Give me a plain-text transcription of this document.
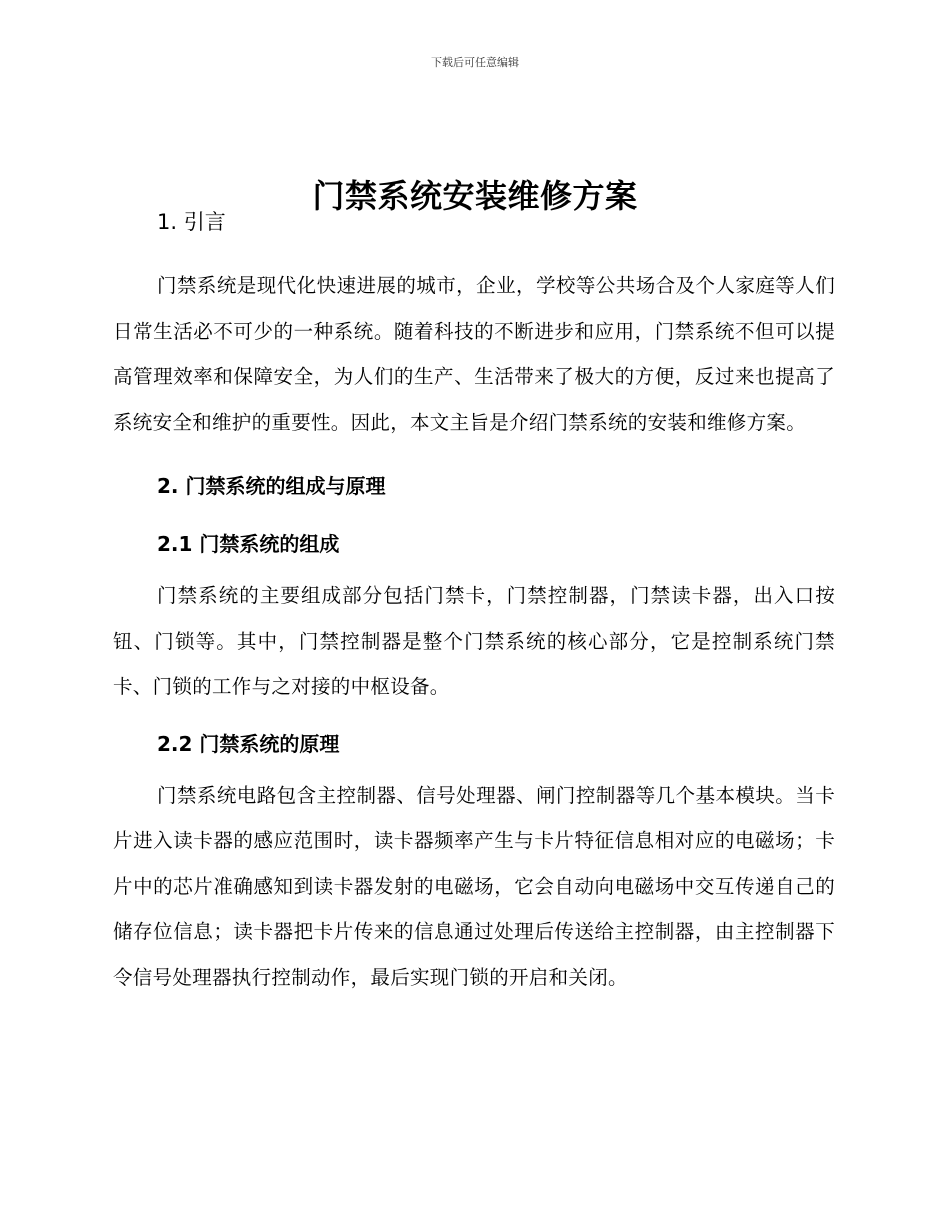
下载后可任意编辑
门禁系统安装维修方案
1. 引言

门禁系统是现代化快速进展的城市，企业，学校等公共场合及个人家庭等人们日常生活必不可少的一种系统。随着科技的不断进步和应用，门禁系统不但可以提高管理效率和保障安全，为人们的生产、生活带来了极大的方便，反过来也提高了系统安全和维护的重要性。因此，本文主旨是介绍门禁系统的安装和维修方案。

2. 门禁系统的组成与原理
2.1 门禁系统的组成

门禁系统的主要组成部分包括门禁卡，门禁控制器，门禁读卡器，出入口按钮、门锁等。其中，门禁控制器是整个门禁系统的核心部分，它是控制系统门禁卡、门锁的工作与之对接的中枢设备。

2.2 门禁系统的原理

门禁系统电路包含主控制器、信号处理器、闸门控制器等几个基本模块。当卡片进入读卡器的感应范围时，读卡器频率产生与卡片特征信息相对应的电磁场；卡片中的芯片准确感知到读卡器发射的电磁场，它会自动向电磁场中交互传递自己的储存位信息；读卡器把卡片传来的信息通过处理后传送给主控制器，由主控制器下令信号处理器执行控制动作，最后实现门锁的开启和关闭。
